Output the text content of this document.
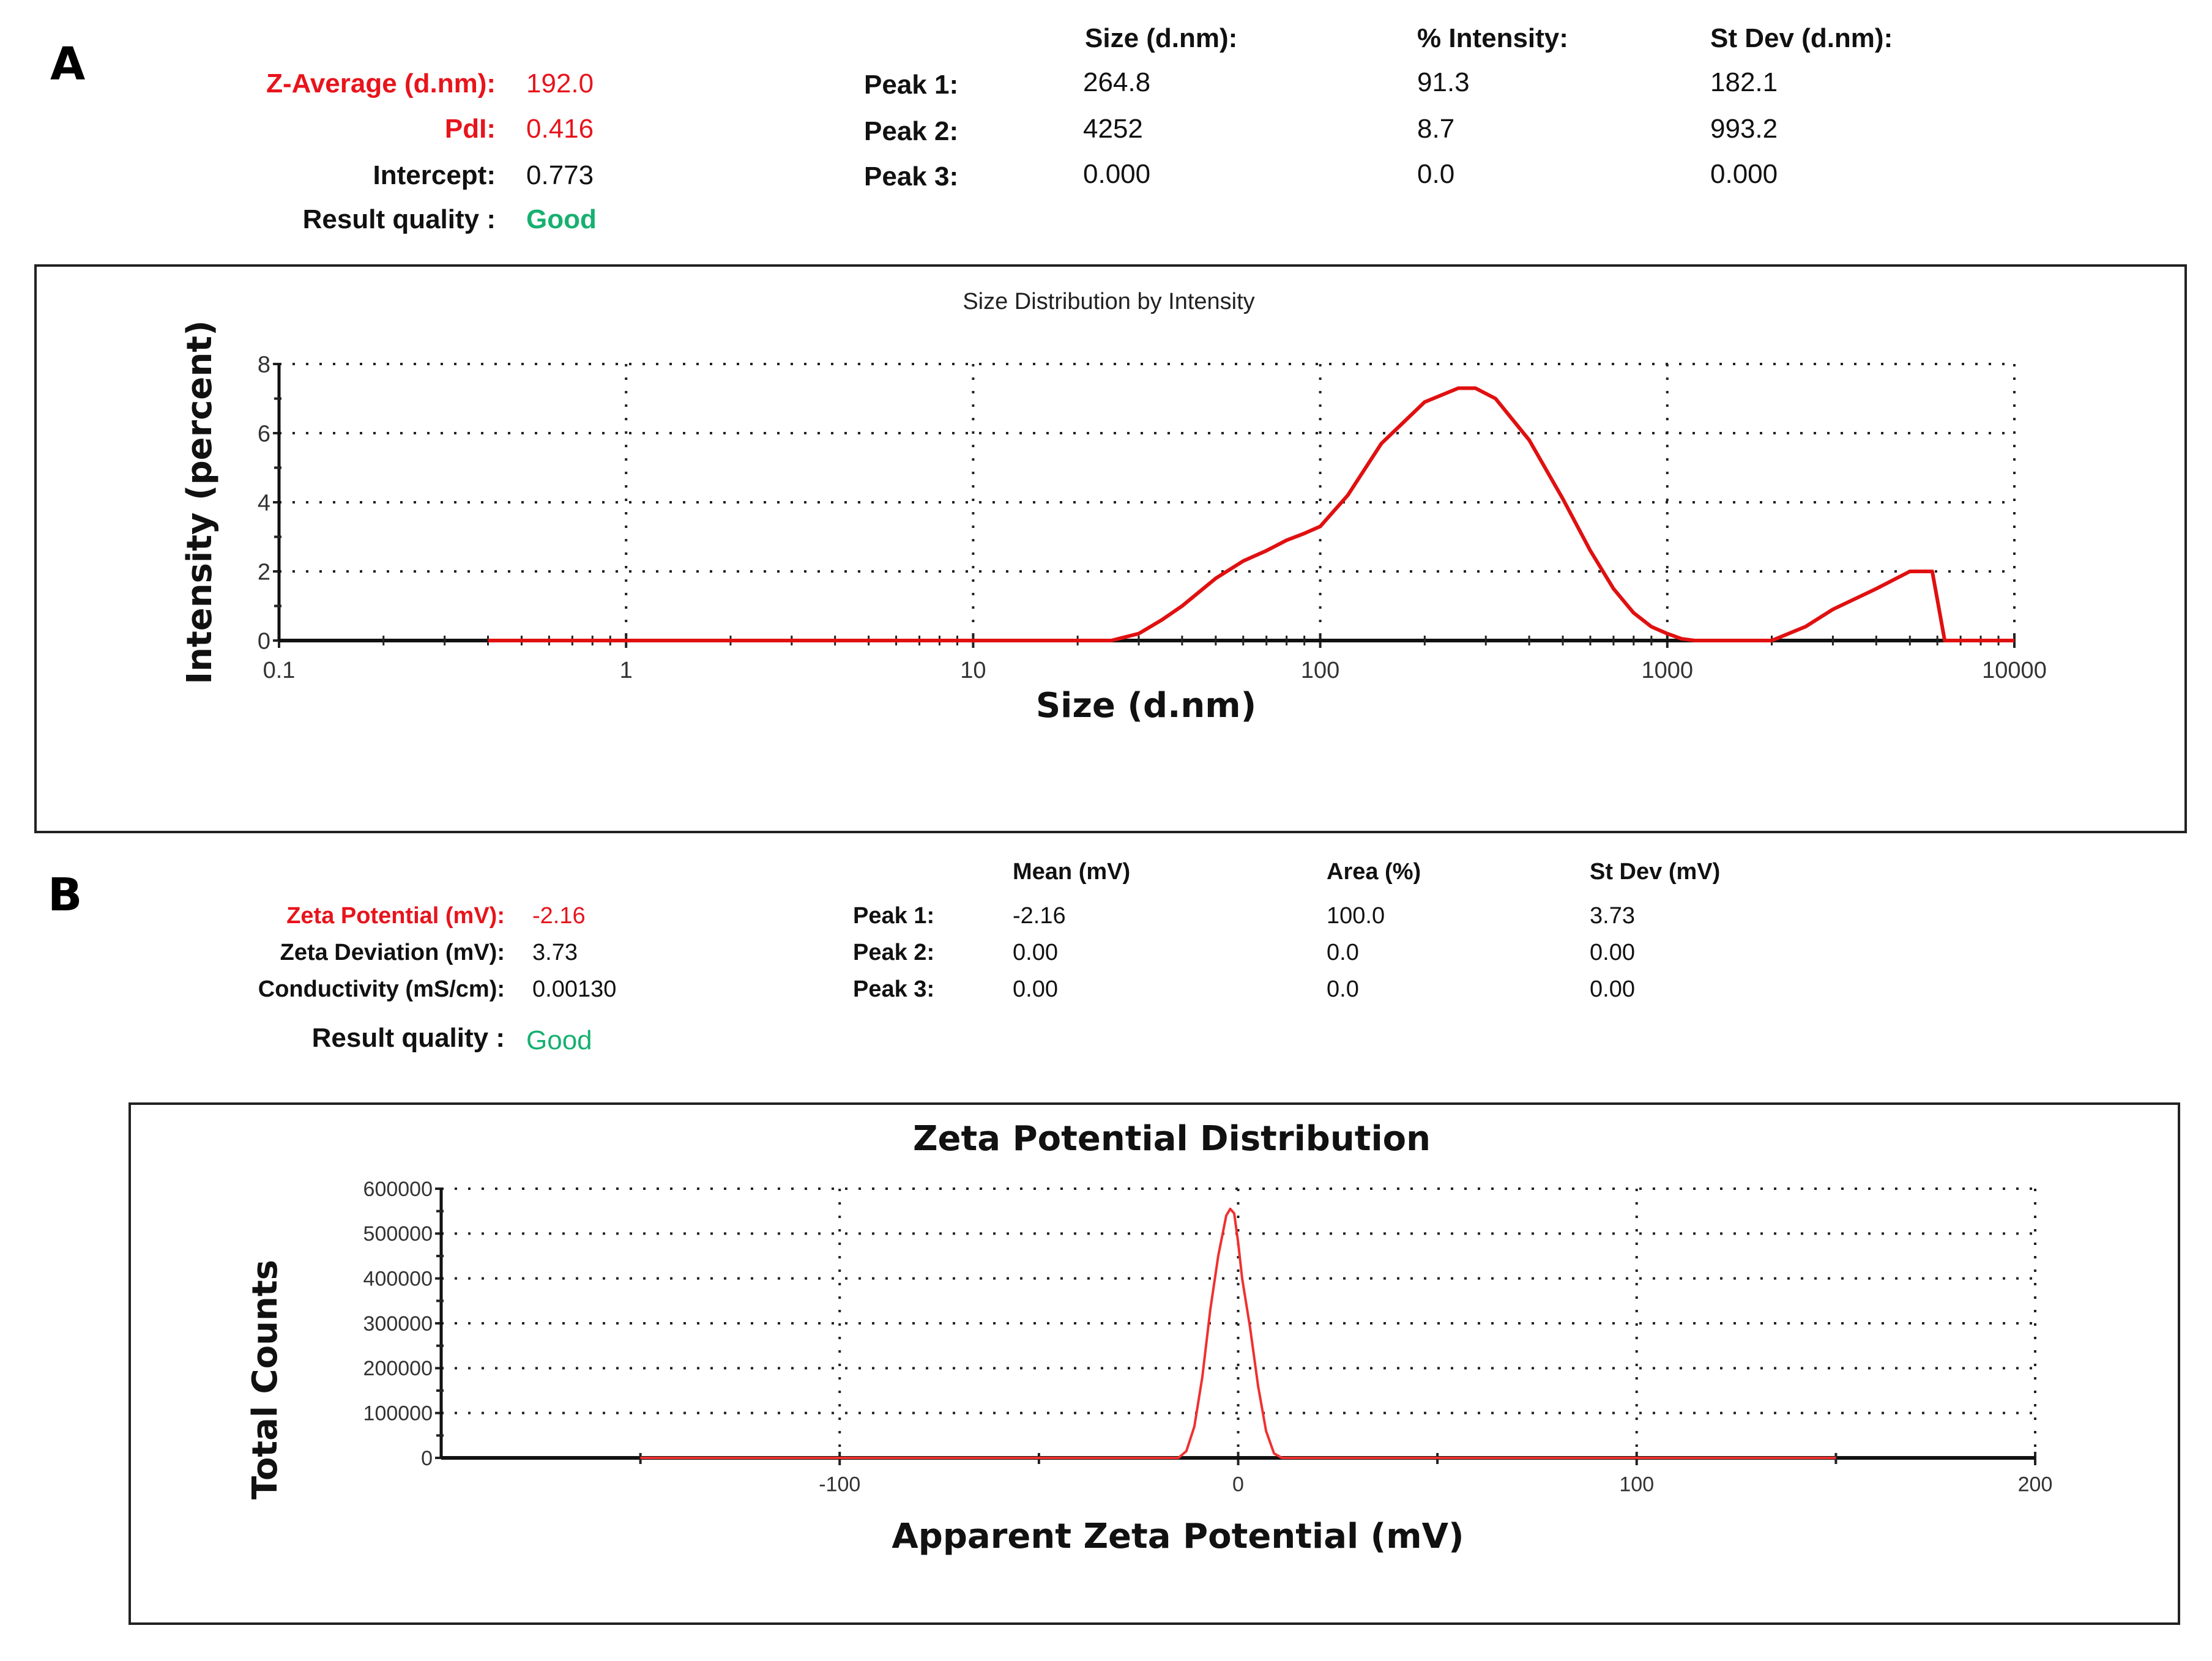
A	Z-Average (d.nm): 192.0
PdI: 0.416
Intercept: 0.773
Result quality : Good
Size (d.nm):	% Intensity:	St Dev (d.nm):
Peak 1:	264.8	91.3	182.1
Peak 2:	4252	8.7	993.2
Peak 3:	0.000	0.0	0.000
Size Distribution by Intensity
0
2
4
6
8
0.1	1	10	100	1000	10000
Size (d.nm)
Intensity (percent)
B	Zeta Potential (mV): -2.16
Zeta Deviation (mV): 3.73
Conductivity (mS/cm): 0.00130
Result quality : Good
Mean (mV)	Area (%)	St Dev (mV)
Peak 1:	-2.16	100.0	3.73
Peak 2:	0.00	0.0	0.00
Peak 3:	0.00	0.0	0.00
Zeta Potential Distribution
0
100000
200000
300000
400000
500000
600000
-100	0	100	200
Apparent Zeta Potential (mV)
Total Counts
